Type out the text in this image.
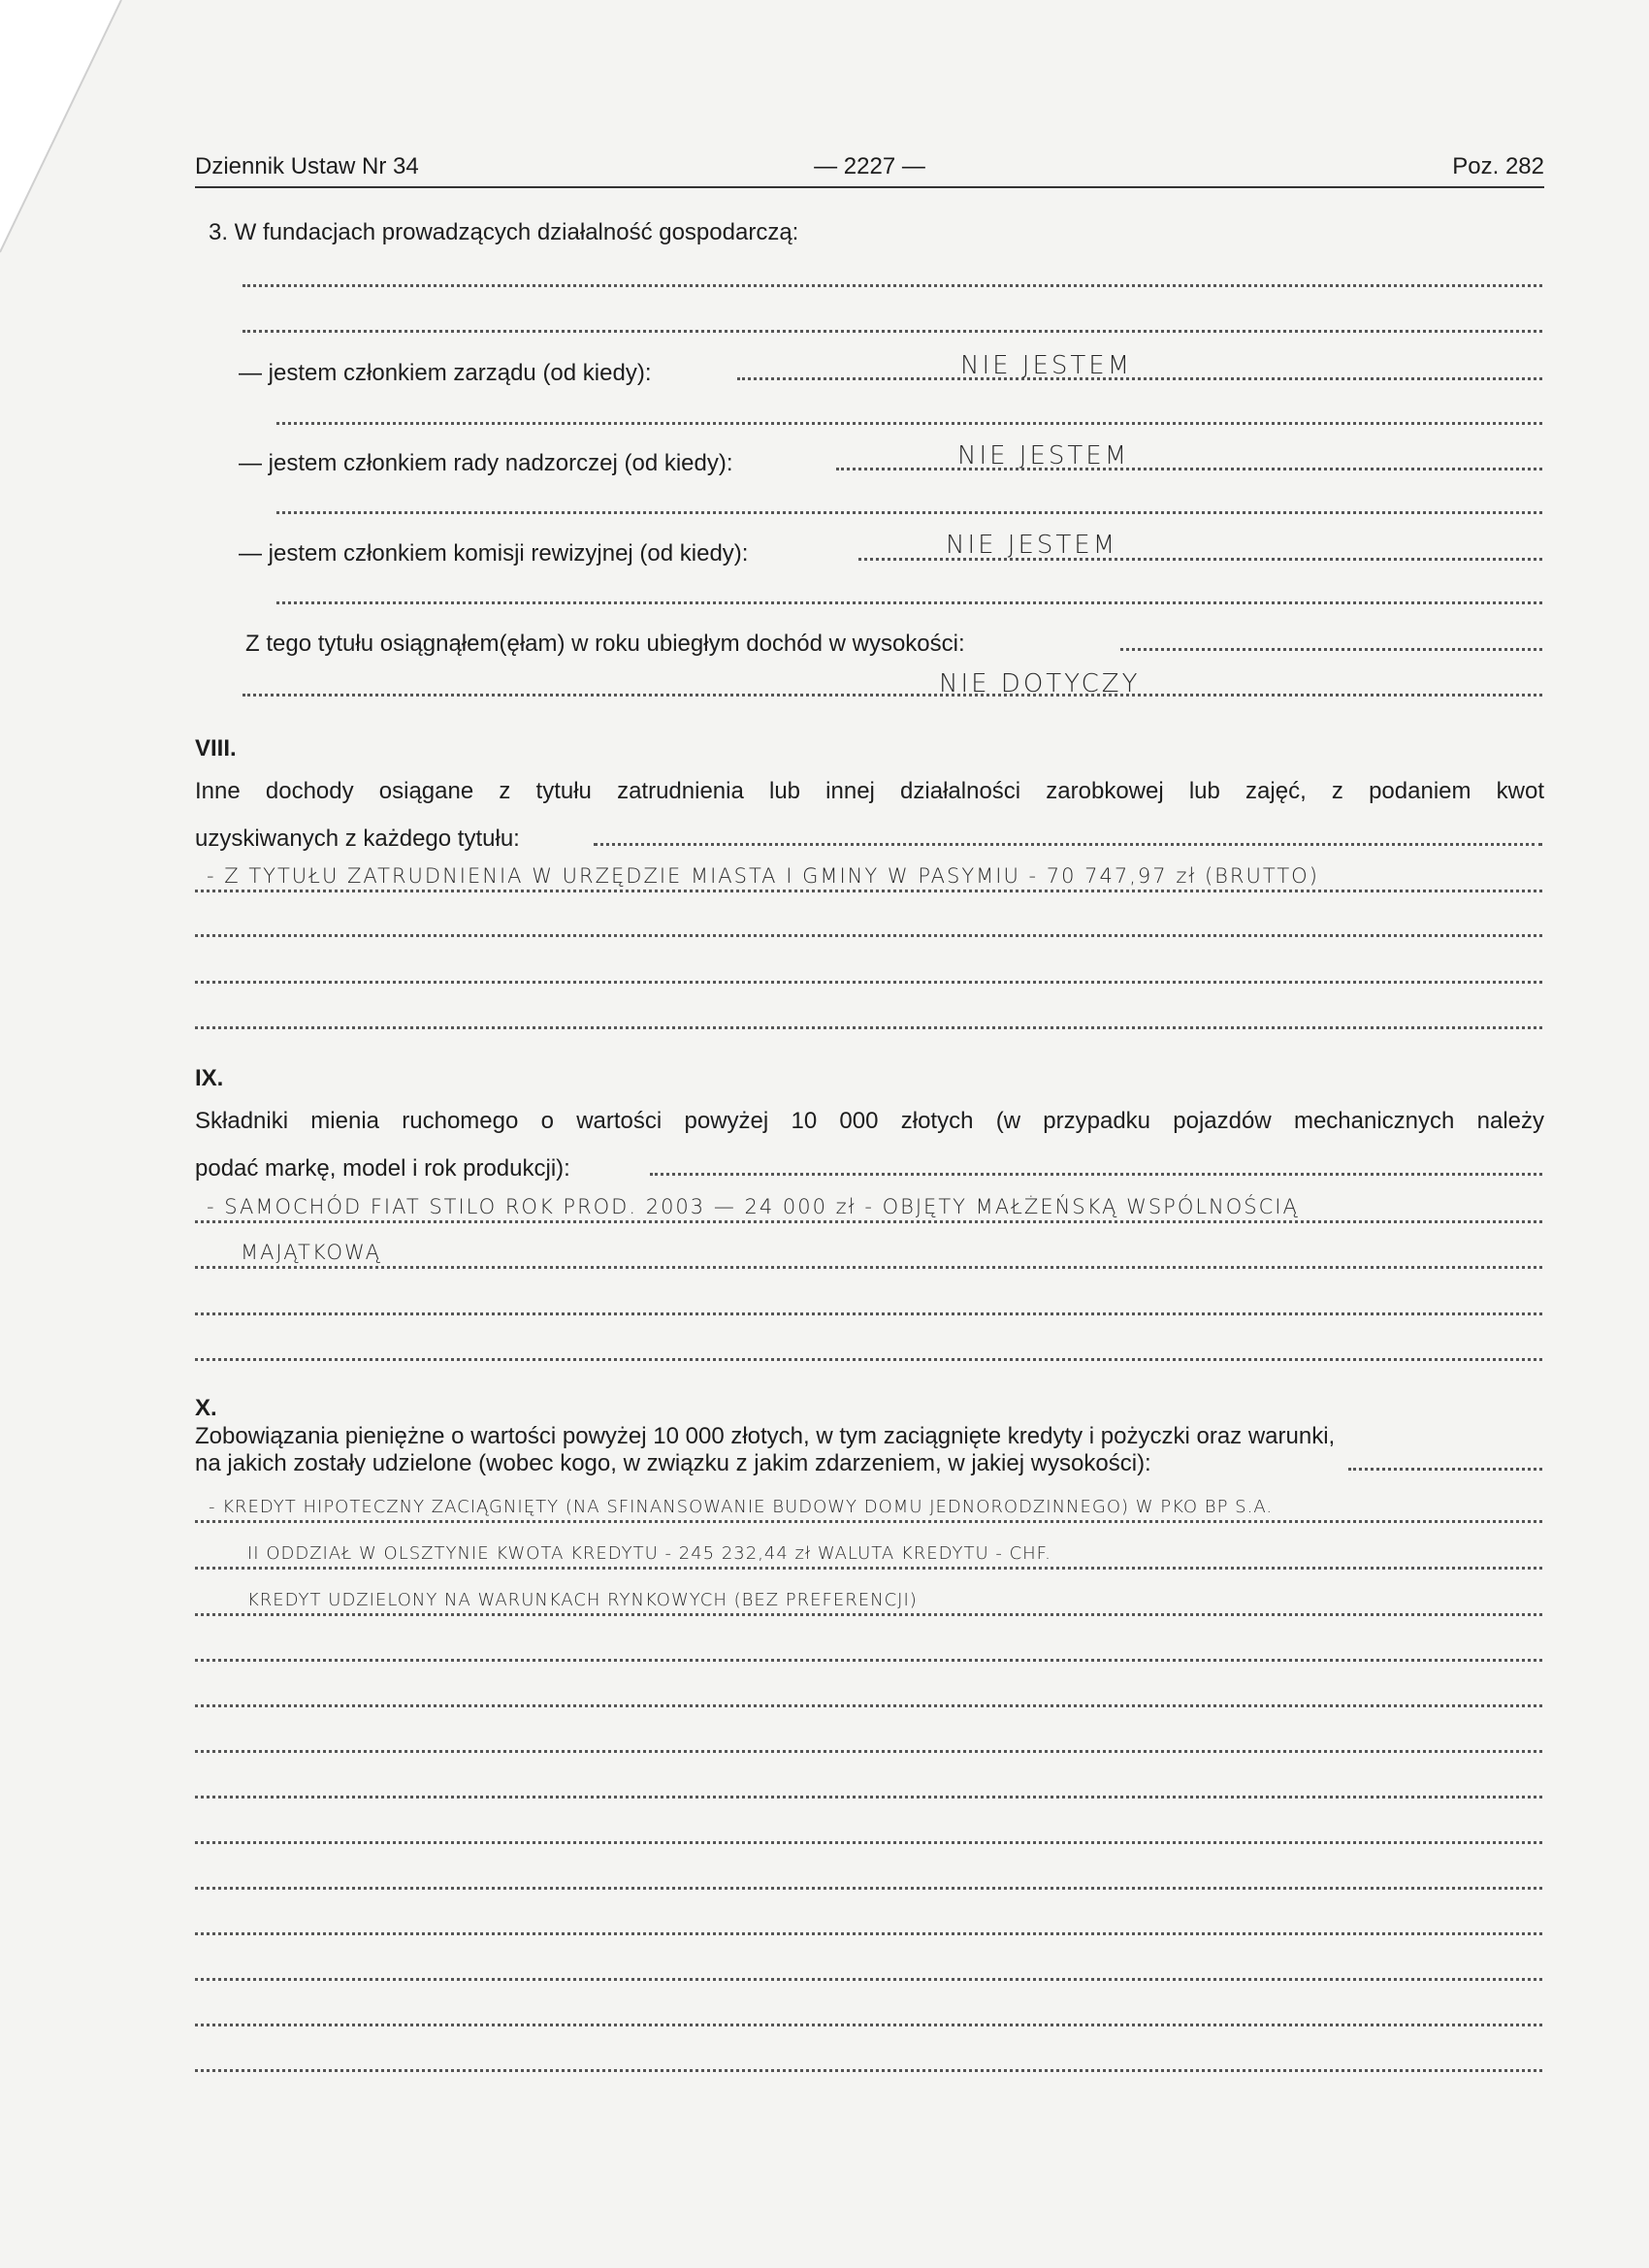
Dziennik Ustaw Nr 34	— 2227 —	Poz. 282
3. W fundacjach prowadzących działalność gospodarczą:
— jestem członkiem zarządu (od kiedy):	NIE JESTEM
— jestem członkiem rady nadzorczej (od kiedy):	NIE JESTEM
— jestem członkiem komisji rewizyjnej (od kiedy):	NIE JESTEM
Z tego tytułu osiągnąłem(ęłam) w roku ubiegłym dochód w wysokości:
NIE DOTYCZY
VIII.
Inne dochody osiągane z tytułu zatrudnienia lub innej działalności zarobkowej lub zajęć, z podaniem kwot
uzyskiwanych z każdego tytułu:
- Z TYTUŁU ZATRUDNIENIA W URZĘDZIE MIASTA I GMINY W PASYMIU - 70 747,97 zł (BRUTTO)
IX.
Składniki mienia ruchomego o wartości powyżej 10 000 złotych (w przypadku pojazdów mechanicznych należy
podać markę, model i rok produkcji):
- SAMOCHÓD FIAT STILO ROK PROD. 2003 — 24 000 zł - OBJĘTY MAŁŻEŃSKĄ WSPÓLNOŚCIĄ
MAJĄTKOWĄ
X.
Zobowiązania pieniężne o wartości powyżej 10 000 złotych, w tym zaciągnięte kredyty i pożyczki oraz warunki,
na jakich zostały udzielone (wobec kogo, w związku z jakim zdarzeniem, w jakiej wysokości):
- KREDYT HIPOTECZNY ZACIĄGNIĘTY (NA SFINANSOWANIE BUDOWY DOMU JEDNORODZINNEGO) W PKO BP S.A.
II ODDZIAŁ W OLSZTYNIE KWOTA KREDYTU - 245 232,44 zł WALUTA KREDYTU - CHF.
KREDYT UDZIELONY NA WARUNKACH RYNKOWYCH (BEZ PREFERENCJI)
